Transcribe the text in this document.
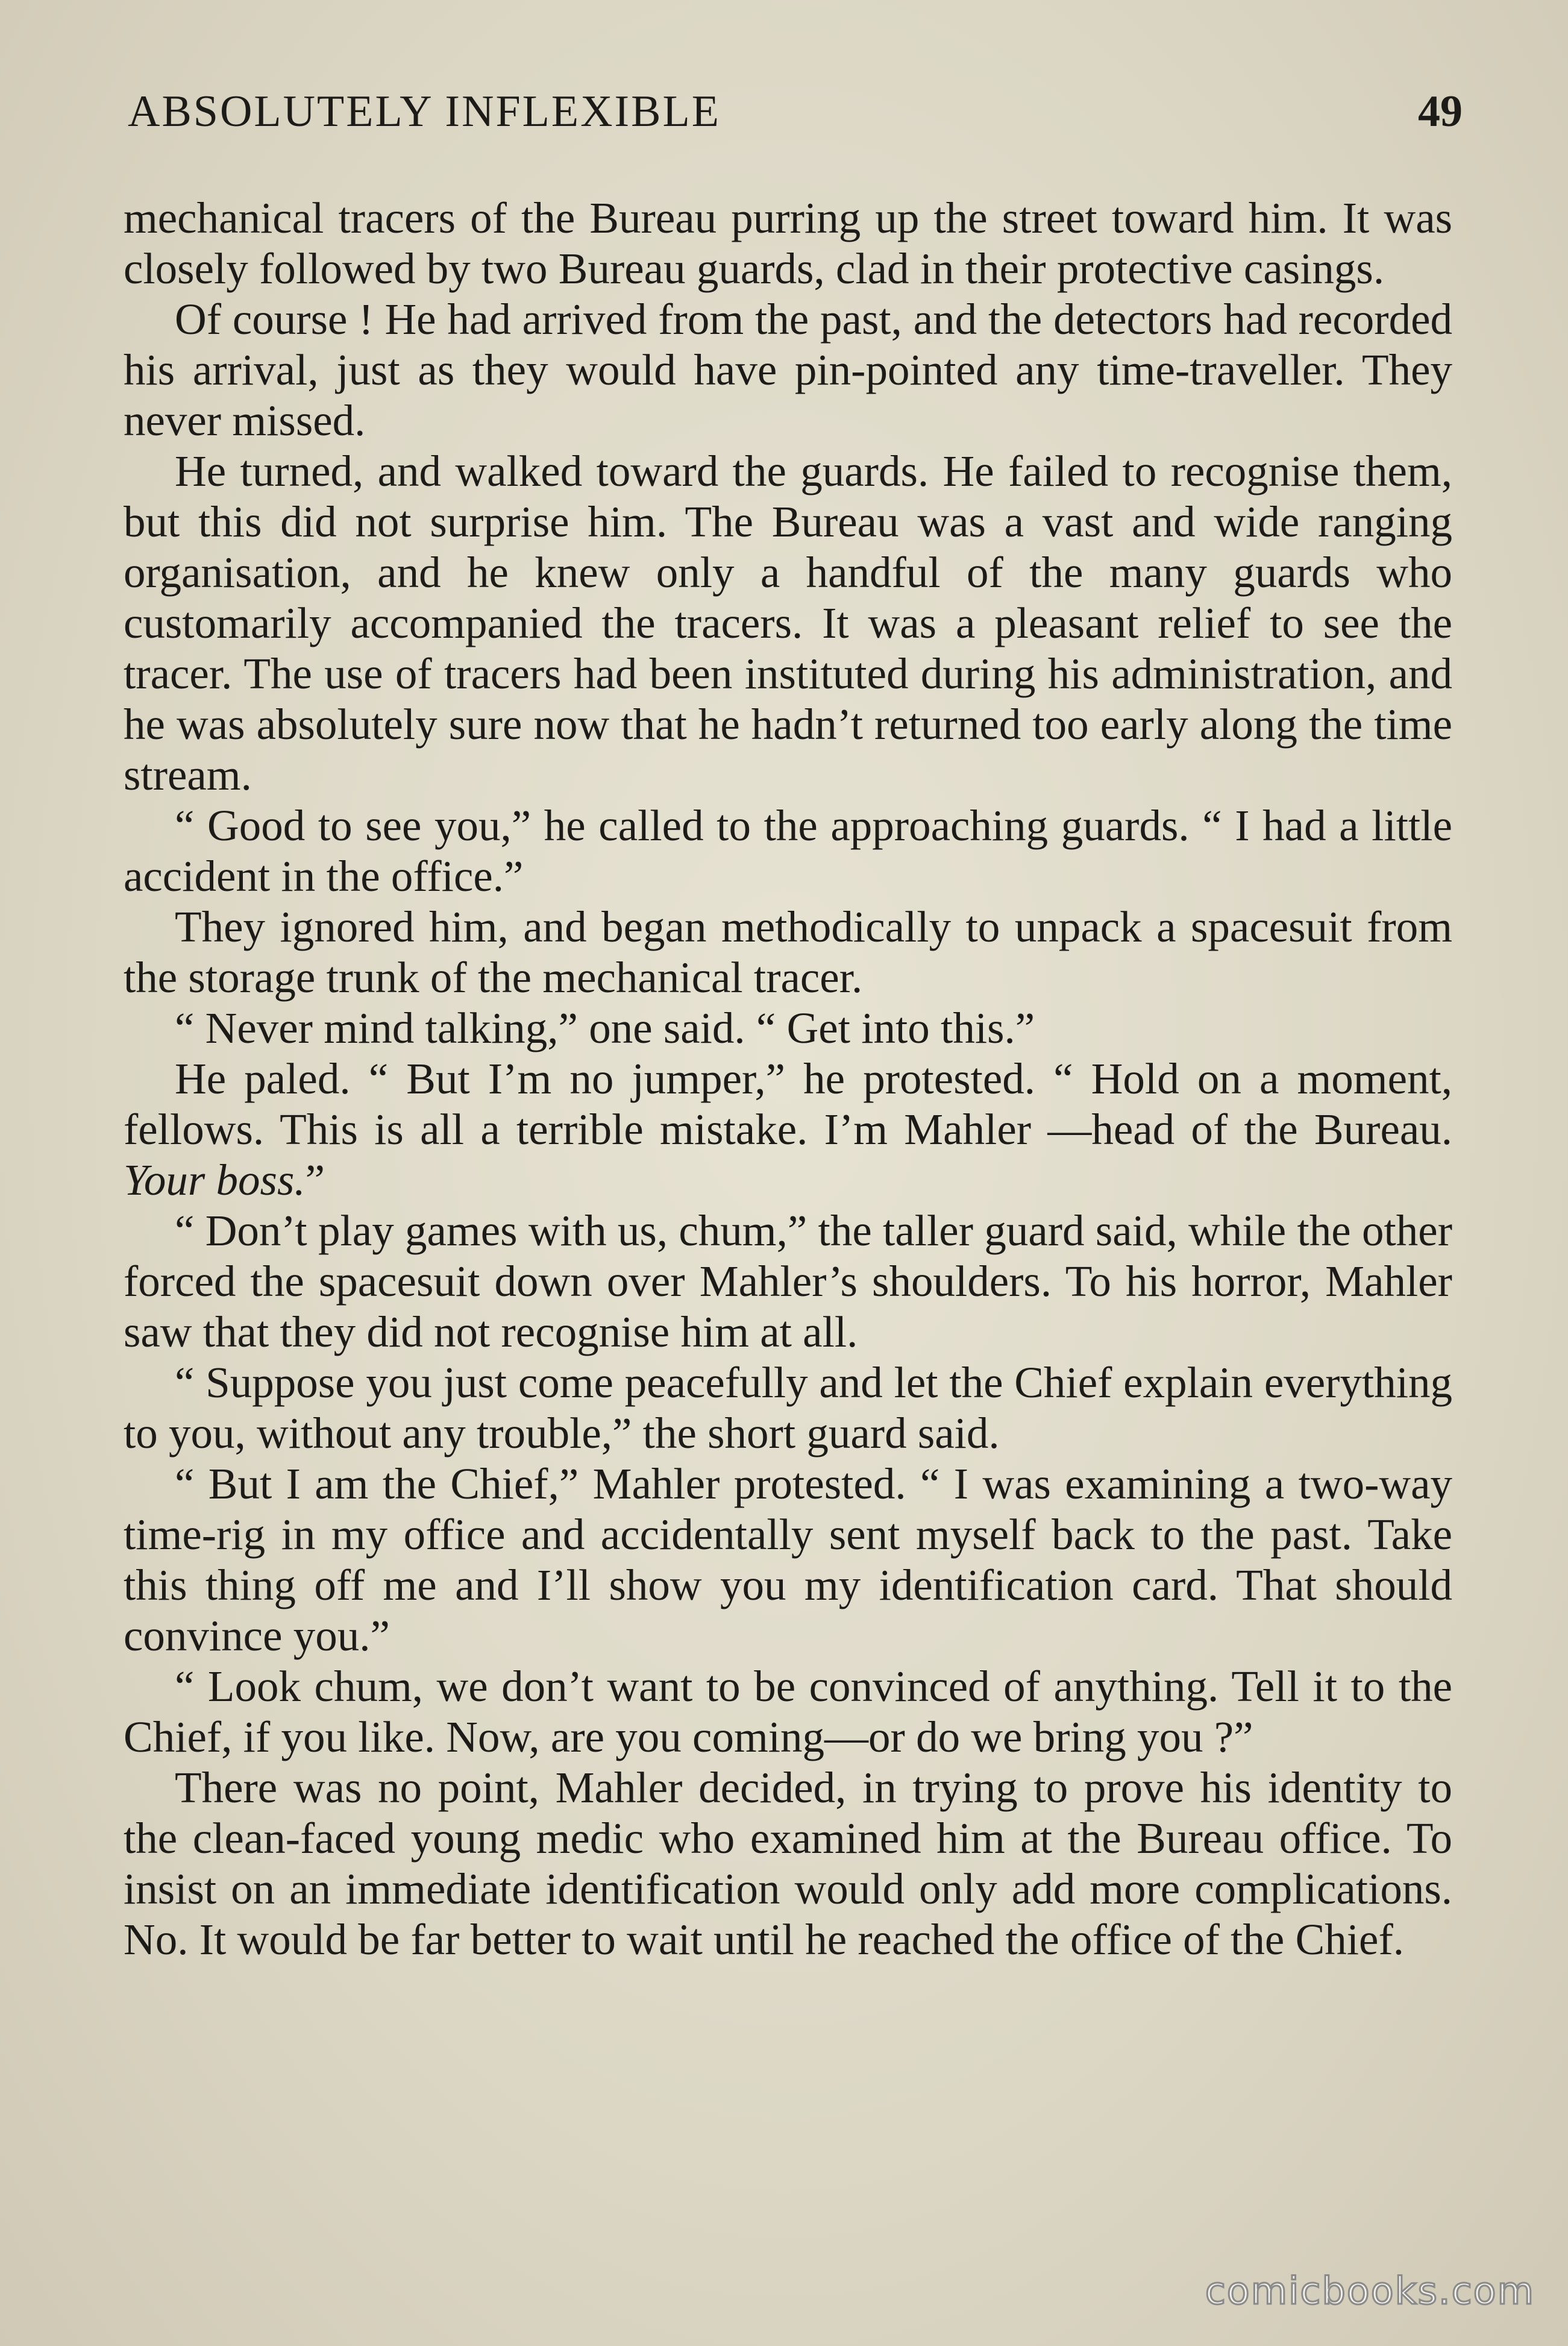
ABSOLUTELY INFLEXIBLE	49

mechanical tracers of the Bureau purring up the street toward him. It was closely followed by two Bureau guards, clad in their protective casings.

Of course ! He had arrived from the past, and the detectors had recorded his arrival, just as they would have pin-pointed any time-traveller. They never missed.

He turned, and walked toward the guards. He failed to recognise them, but this did not surprise him. The Bureau was a vast and wide ranging organisation, and he knew only a handful of the many guards who customarily accompanied the tracers. It was a pleasant relief to see the tracer. The use of tracers had been instituted during his administration, and he was absolutely sure now that he hadn’t returned too early along the time stream.

“ Good to see you,” he called to the approaching guards. “ I had a little accident in the office.”

They ignored him, and began methodically to unpack a spacesuit from the storage trunk of the mechanical tracer.

“ Never mind talking,” one said. “ Get into this.”

He paled. “ But I’m no jumper,” he protested. “ Hold on a moment, fellows. This is all a terrible mistake. I’m Mahler —head of the Bureau. Your boss.”

“ Don’t play games with us, chum,” the taller guard said, while the other forced the spacesuit down over Mahler’s shoulders. To his horror, Mahler saw that they did not recognise him at all.

“ Suppose you just come peacefully and let the Chief explain everything to you, without any trouble,” the short guard said.

“ But I am the Chief,” Mahler protested. “ I was examining a two-way time-rig in my office and accidentally sent myself back to the past. Take this thing off me and I’ll show you my identification card. That should convince you.”

“ Look chum, we don’t want to be convinced of anything. Tell it to the Chief, if you like. Now, are you coming—or do we bring you ?”

There was no point, Mahler decided, in trying to prove his identity to the clean-faced young medic who examined him at the Bureau office. To insist on an immediate identification would only add more complications. No. It would be far better to wait until he reached the office of the Chief.

comicbooks.com
